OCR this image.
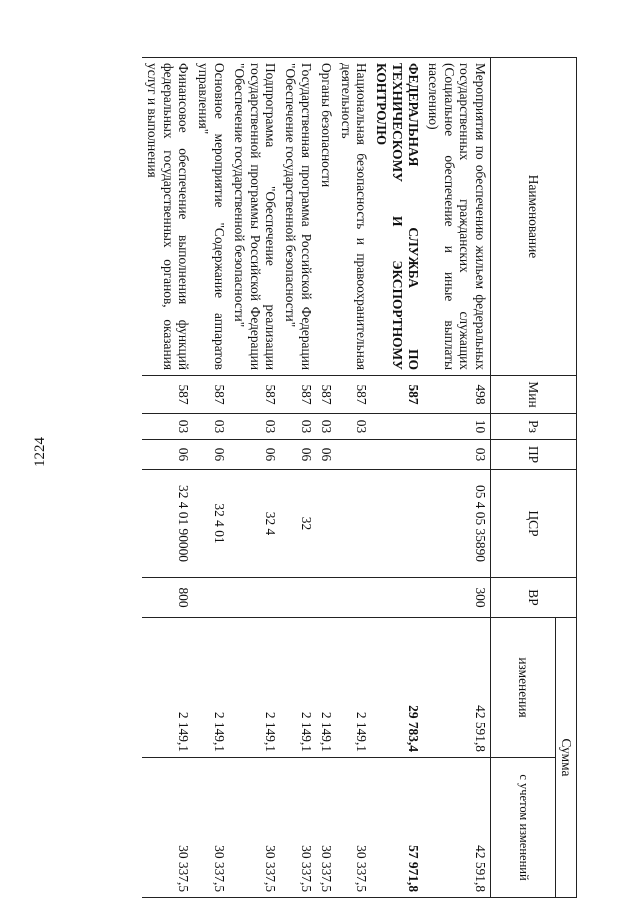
1224
Наименование	Мин	Рз	ПР	ЦСР	ВР	Сумма	
						изменения	с учетом изменений
Мероприятия по обеспечению жильем федеральных государственных гражданских служащих (Социальное обеспечение и иные выплаты населению)	498	10	03	05 4 05 35890	300	42 591,8	42 591,8
ФЕДЕРАЛЬНАЯ СЛУЖБА ПО ТЕХНИЧЕСКОМУ И ЭКСПОРТНОМУ КОНТРОЛЮ	587					29 783,4	57 971,8
Национальная безопасность и правоохранительная деятельность	587	03				2 149,1	30 337,5
Органы безопасности	587	03	06			2 149,1	30 337,5
Государственная программа Российской Федерации "Обеспечение государственной безопасности"	587	03	06	32		2 149,1	30 337,5
Подпрограмма "Обеспечение реализации государственной программы Российской Федерации "Обеспечение государственной безопасности"	587	03	06	32 4		2 149,1	30 337,5
Основное мероприятие "Содержание аппаратов управления"	587	03	06	32 4 01		2 149,1	30 337,5
Финансовое обеспечение выполнения функций федеральных государственных органов, оказания услуг и выполнения	587	03	06	32 4 01 90000	800	2 149,1	30 337,5
